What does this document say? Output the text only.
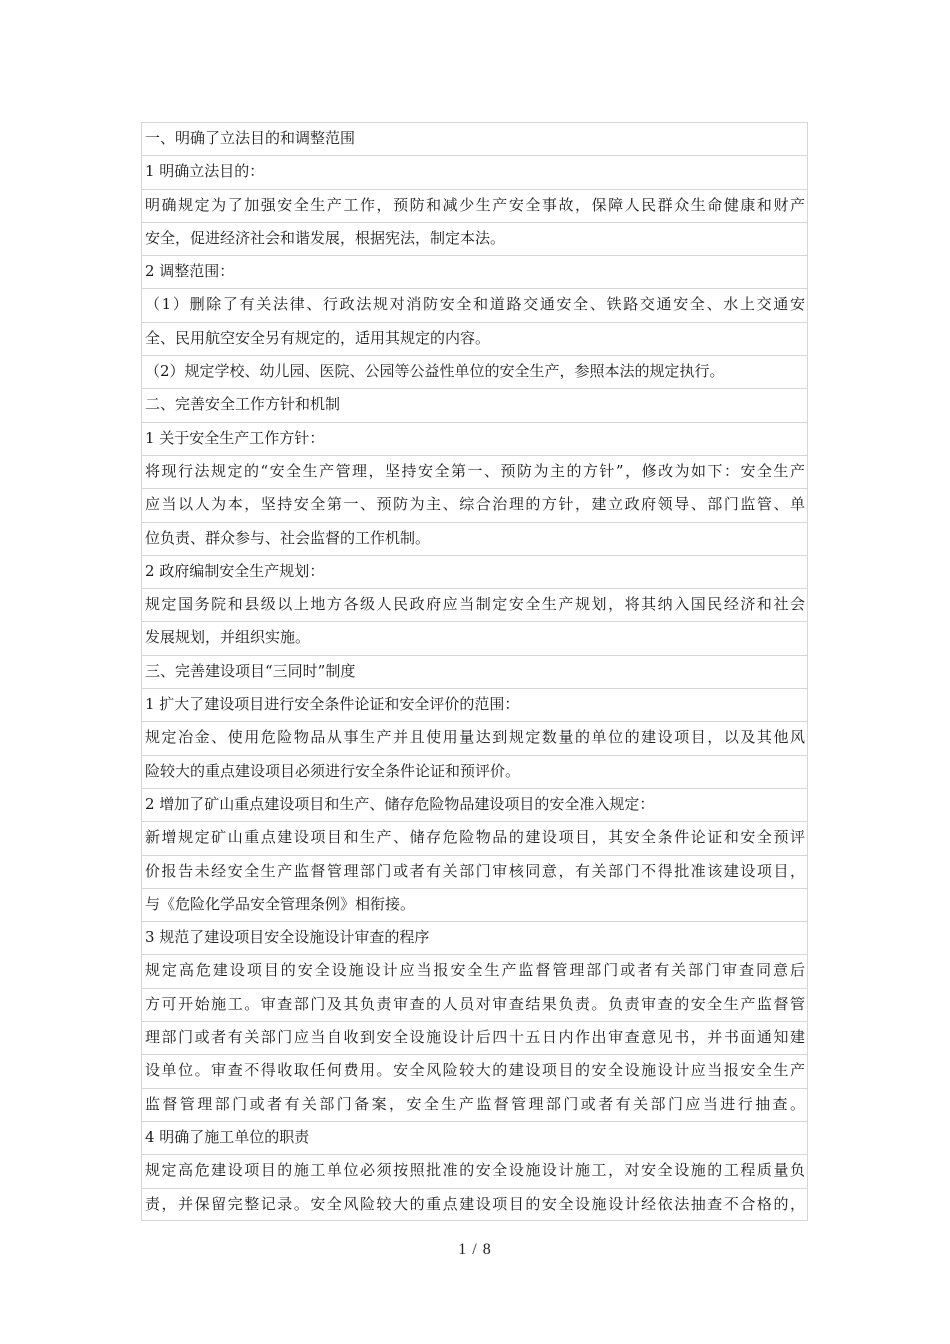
一、明确了立法目的和调整范围
1 明确立法目的：
明确规定为了加强安全生产工作，预防和减少生产安全事故，保障人民群众生命健康和财产
安全，促进经济社会和谐发展，根据宪法，制定本法。
2 调整范围：
（1）删除了有关法律、行政法规对消防安全和道路交通安全、铁路交通安全、水上交通安
全、民用航空安全另有规定的，适用其规定的内容。
（2）规定学校、幼儿园、医院、公园等公益性单位的安全生产，参照本法的规定执行。
二、完善安全工作方针和机制
1 关于安全生产工作方针：
将现行法规定的“安全生产管理，坚持安全第一、预防为主的方针”，修改为如下：安全生产
应当以人为本，坚持安全第一、预防为主、综合治理的方针，建立政府领导、部门监管、单
位负责、群众参与、社会监督的工作机制。
2 政府编制安全生产规划：
规定国务院和县级以上地方各级人民政府应当制定安全生产规划，将其纳入国民经济和社会
发展规划，并组织实施。
三、完善建设项目“三同时”制度
1 扩大了建设项目进行安全条件论证和安全评价的范围：
规定冶金、使用危险物品从事生产并且使用量达到规定数量的单位的建设项目，以及其他风
险较大的重点建设项目必须进行安全条件论证和预评价。
2 增加了矿山重点建设项目和生产、储存危险物品建设项目的安全准入规定：
新增规定矿山重点建设项目和生产、储存危险物品的建设项目，其安全条件论证和安全预评
价报告未经安全生产监督管理部门或者有关部门审核同意，有关部门不得批准该建设项目，
与《危险化学品安全管理条例》相衔接。
3 规范了建设项目安全设施设计审查的程序
规定高危建设项目的安全设施设计应当报安全生产监督管理部门或者有关部门审查同意后
方可开始施工。审查部门及其负责审查的人员对审查结果负责。负责审查的安全生产监督管
理部门或者有关部门应当自收到安全设施设计后四十五日内作出审查意见书，并书面通知建
设单位。审查不得收取任何费用。安全风险较大的建设项目的安全设施设计应当报安全生产
监督管理部门或者有关部门备案，安全生产监督管理部门或者有关部门应当进行抽查。
4 明确了施工单位的职责
规定高危建设项目的施工单位必须按照批准的安全设施设计施工，对安全设施的工程质量负
责，并保留完整记录。安全风险较大的重点建设项目的安全设施设计经依法抽查不合格的，
1 / 8
